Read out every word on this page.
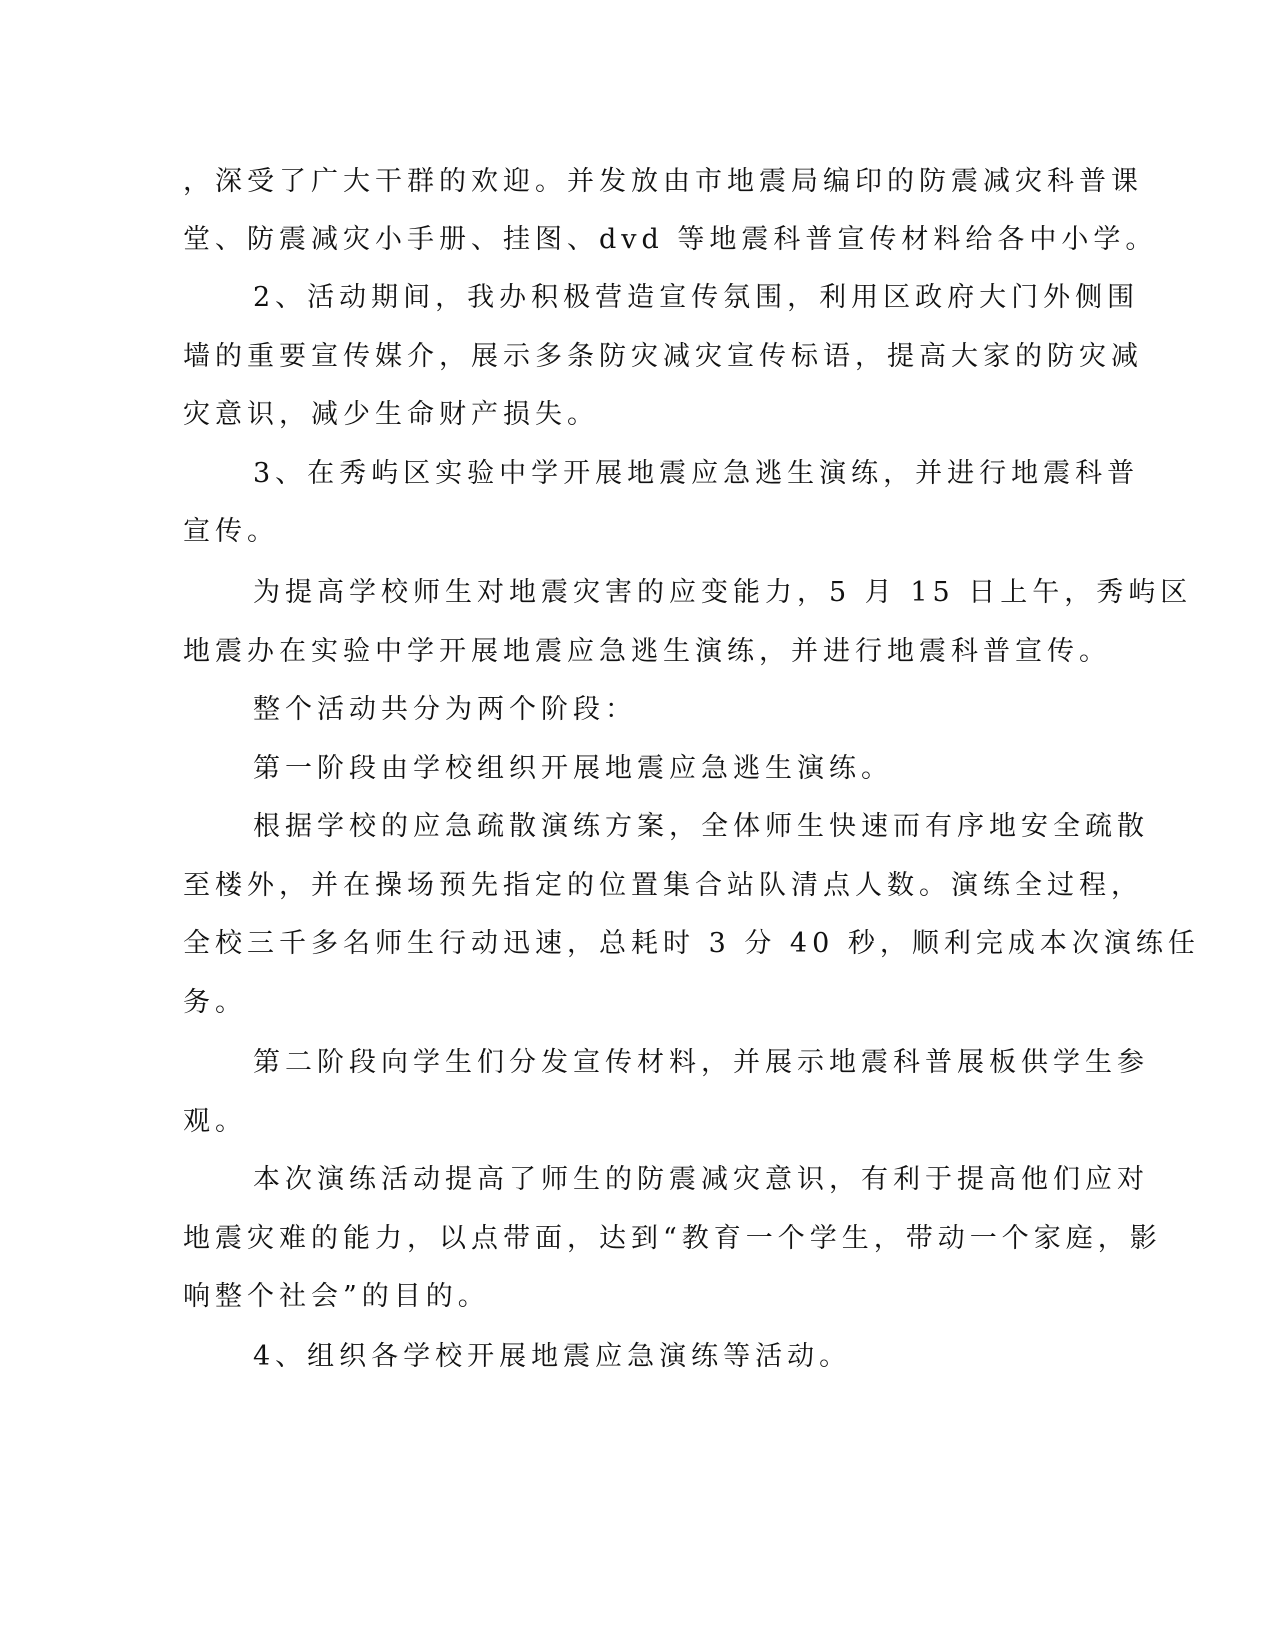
，深受了广大干群的欢迎。并发放由市地震局编印的防震减灾科普课

堂、防震减灾小手册、挂图、dvd 等地震科普宣传材料给各中小学。

2、活动期间，我办积极营造宣传氛围，利用区政府大门外侧围

墙的重要宣传媒介，展示多条防灾减灾宣传标语，提高大家的防灾减

灾意识，减少生命财产损失。

3、在秀屿区实验中学开展地震应急逃生演练，并进行地震科普

宣传。

为提高学校师生对地震灾害的应变能力，5 月 15 日上午，秀屿区

地震办在实验中学开展地震应急逃生演练，并进行地震科普宣传。

整个活动共分为两个阶段：

第一阶段由学校组织开展地震应急逃生演练。

根据学校的应急疏散演练方案，全体师生快速而有序地安全疏散

至楼外，并在操场预先指定的位置集合站队清点人数。演练全过程，

全校三千多名师生行动迅速，总耗时 3 分 40 秒，顺利完成本次演练任

务。

第二阶段向学生们分发宣传材料，并展示地震科普展板供学生参

观。

本次演练活动提高了师生的防震减灾意识，有利于提高他们应对

地震灾难的能力，以点带面，达到“教育一个学生，带动一个家庭，影

响整个社会”的目的。

4、组织各学校开展地震应急演练等活动。
